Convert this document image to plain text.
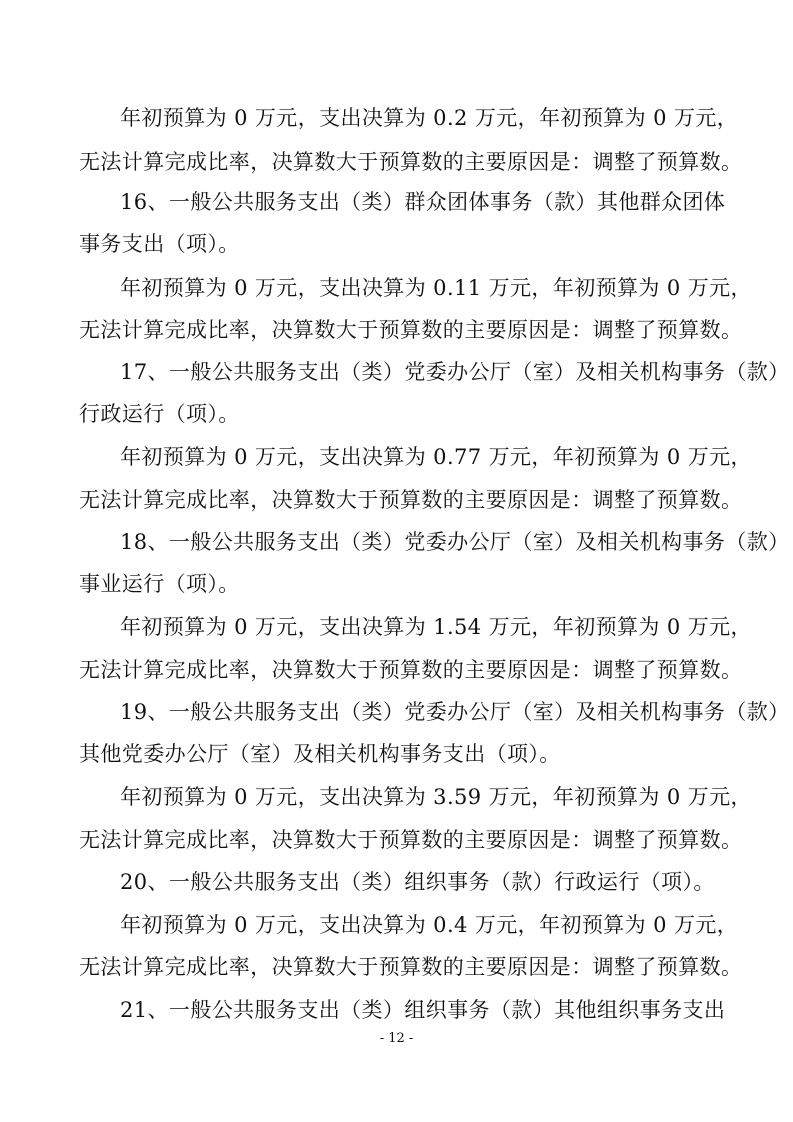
年初预算为 0 万元，支出决算为 0.2 万元，年初预算为 0 万元，
无法计算完成比率，决算数大于预算数的主要原因是：调整了预算数。
16、一般公共服务支出（类）群众团体事务（款）其他群众团体
事务支出（项）。
年初预算为 0 万元，支出决算为 0.11 万元，年初预算为 0 万元，
无法计算完成比率，决算数大于预算数的主要原因是：调整了预算数。
17、一般公共服务支出（类）党委办公厅（室）及相关机构事务（款）
行政运行（项）。
年初预算为 0 万元，支出决算为 0.77 万元，年初预算为 0 万元，
无法计算完成比率，决算数大于预算数的主要原因是：调整了预算数。
18、一般公共服务支出（类）党委办公厅（室）及相关机构事务（款）
事业运行（项）。
年初预算为 0 万元，支出决算为 1.54 万元，年初预算为 0 万元，
无法计算完成比率，决算数大于预算数的主要原因是：调整了预算数。
19、一般公共服务支出（类）党委办公厅（室）及相关机构事务（款）
其他党委办公厅（室）及相关机构事务支出（项）。
年初预算为 0 万元，支出决算为 3.59 万元，年初预算为 0 万元，
无法计算完成比率，决算数大于预算数的主要原因是：调整了预算数。
20、一般公共服务支出（类）组织事务（款）行政运行（项）。
年初预算为 0 万元，支出决算为 0.4 万元，年初预算为 0 万元，
无法计算完成比率，决算数大于预算数的主要原因是：调整了预算数。
21、一般公共服务支出（类）组织事务（款）其他组织事务支出
- 12 -
